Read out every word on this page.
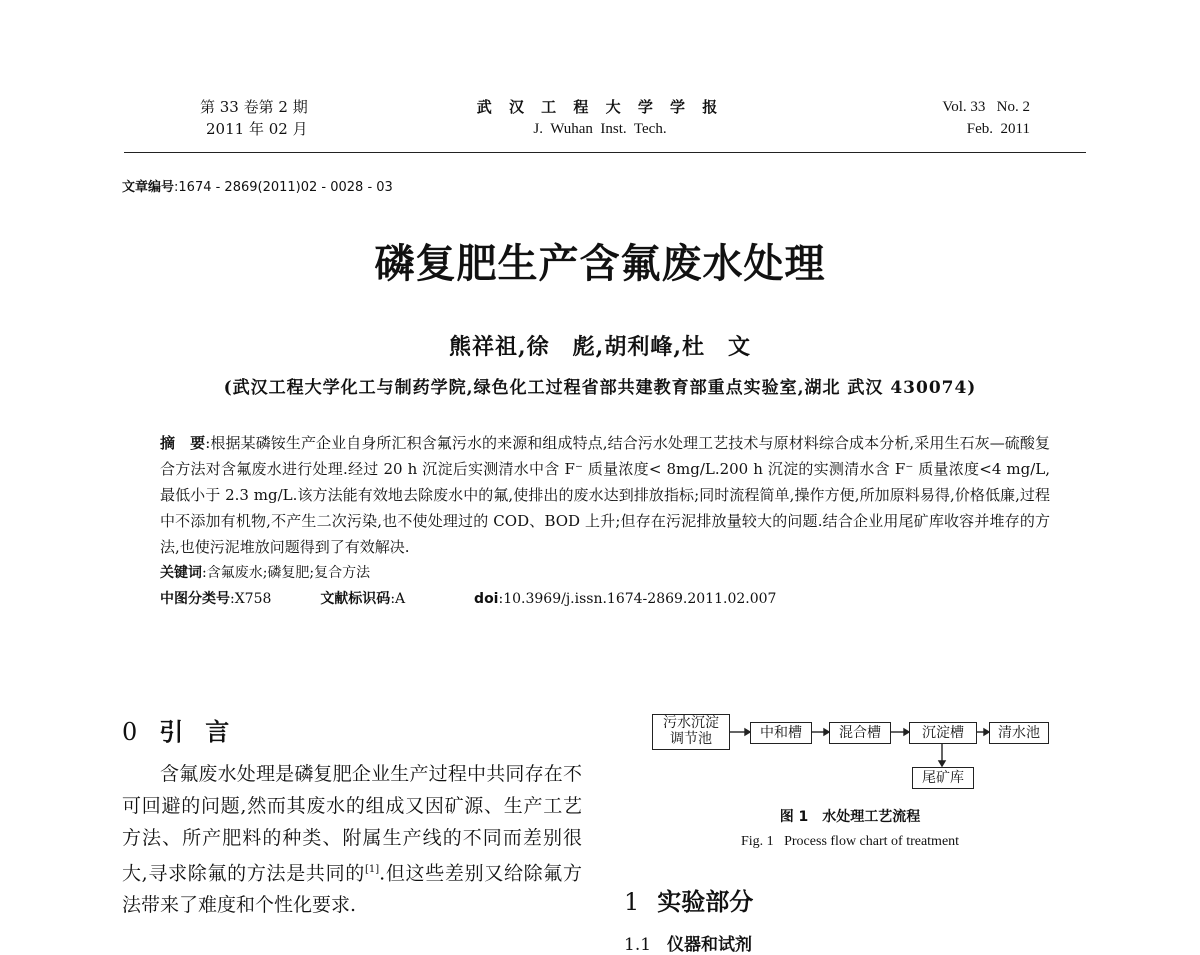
第 33 卷第 2 期
2011 年 02 月
武 汉 工 程 大 学 学 报
J.  Wuhan  Inst.  Tech.
Vol. 33   No. 2
Feb.  2011
文章编号:1674 - 2869(2011)02 - 0028 - 03
磷复肥生产含氟废水处理
熊祥祖,徐　彪,胡利峰,杜　文
(武汉工程大学化工与制药学院,绿色化工过程省部共建教育部重点实验室,湖北 武汉 430074)
摘　要:根据某磷铵生产企业自身所汇积含氟污水的来源和组成特点,结合污水处理工艺技术与原材料综合成本分析,采用生石灰—硫酸复合方法对含氟废水进行处理.经过 20 h 沉淀后实测清水中含 F⁻ 质量浓度< 8mg/L.200 h 沉淀的实测清水含 F⁻ 质量浓度<4 mg/L,最低小于 2.3 mg/L.该方法能有效地去除废水中的氟,使排出的废水达到排放指标;同时流程简单,操作方便,所加原料易得,价格低廉,过程中不添加有机物,不产生二次污染,也不使处理过的 COD、BOD 上升;但存在污泥排放量较大的问题.结合企业用尾矿库收容并堆存的方法,也使污泥堆放问题得到了有效解决.
关键词:含氟废水;磷复肥;复合方法
中图分类号:X758	文献标识码:A	doi:10.3969/j.issn.1674-2869.2011.02.007
0 引言

含氟废水处理是磷复肥企业生产过程中共同存在不可回避的问题,然而其废水的组成又因矿源、生产工艺方法、所产肥料的种类、附属生产线的不同而差别很大,寻求除氟的方法是共同的[1].但这些差别又给除氟方法带来了难度和个性化要求.

污水沉淀
调节池	中和槽	混合槽	沉淀槽	清水池
尾矿库
图 1　水处理工艺流程
Fig. 1   Process flow chart of treatment
1 实验部分
1.1 仪器和试剂
